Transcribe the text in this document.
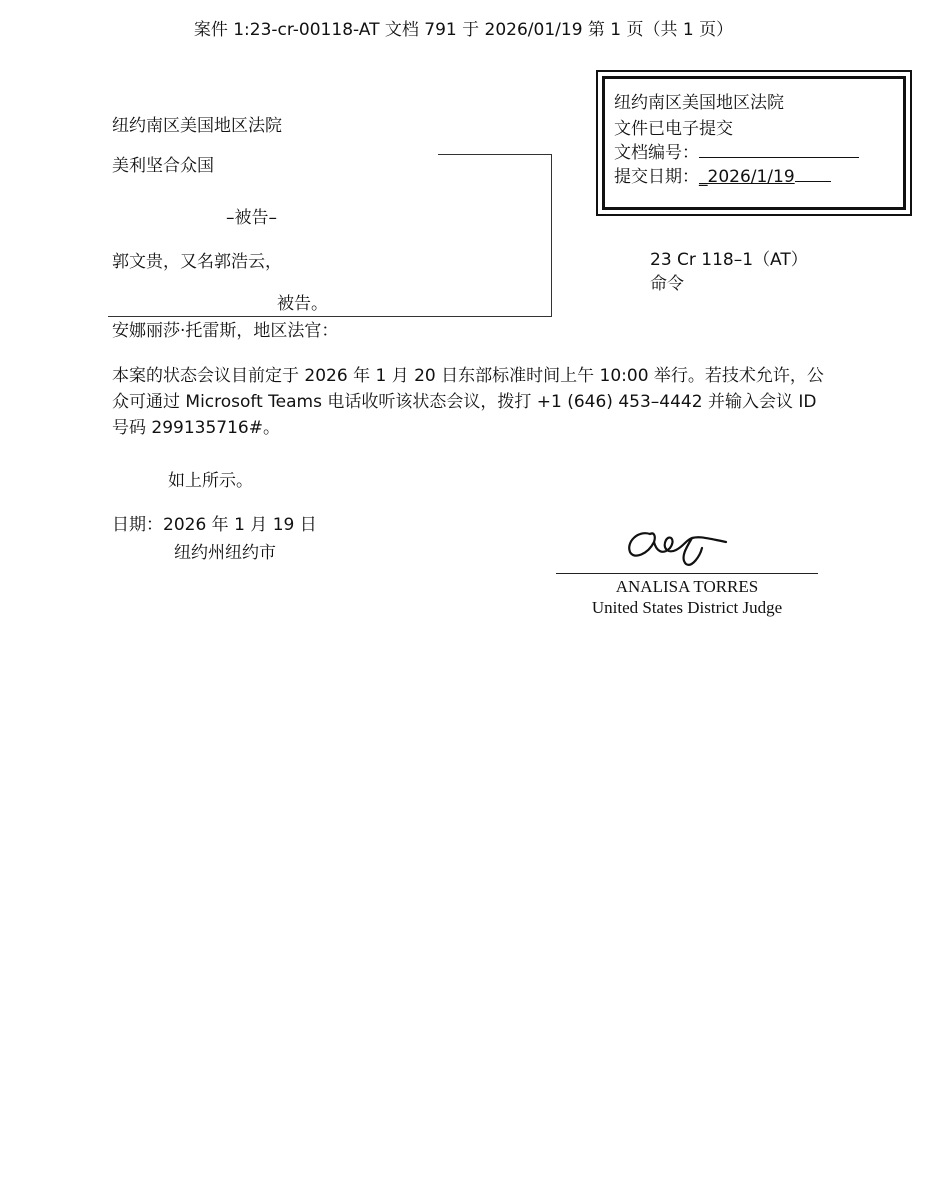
案件 1:23-cr-00118-AT 文档 791 于 2026/01/19 第 1 页（共 1 页）
纽约南区美国地区法院
美利坚合众国
–被告–
郭文贵，又名郭浩云，
被告。
23 Cr 118–1（AT）
命令
纽约南区美国地区法院
文件已电子提交
文档编号：
提交日期：_2026/1/19
安娜丽莎·托雷斯，地区法官：
本案的状态会议目前定于 2026 年 1 月 20 日东部标准时间上午 10:00 举行。若技术允许，公众可通过 Microsoft Teams 电话收听该状态会议，拨打 +1 (646) 453–4442 并输入会议 ID 号码 299135716#。
如上所示。
日期：2026 年 1 月 19 日
纽约州纽约市
ANALISA TORRES
United States District Judge
